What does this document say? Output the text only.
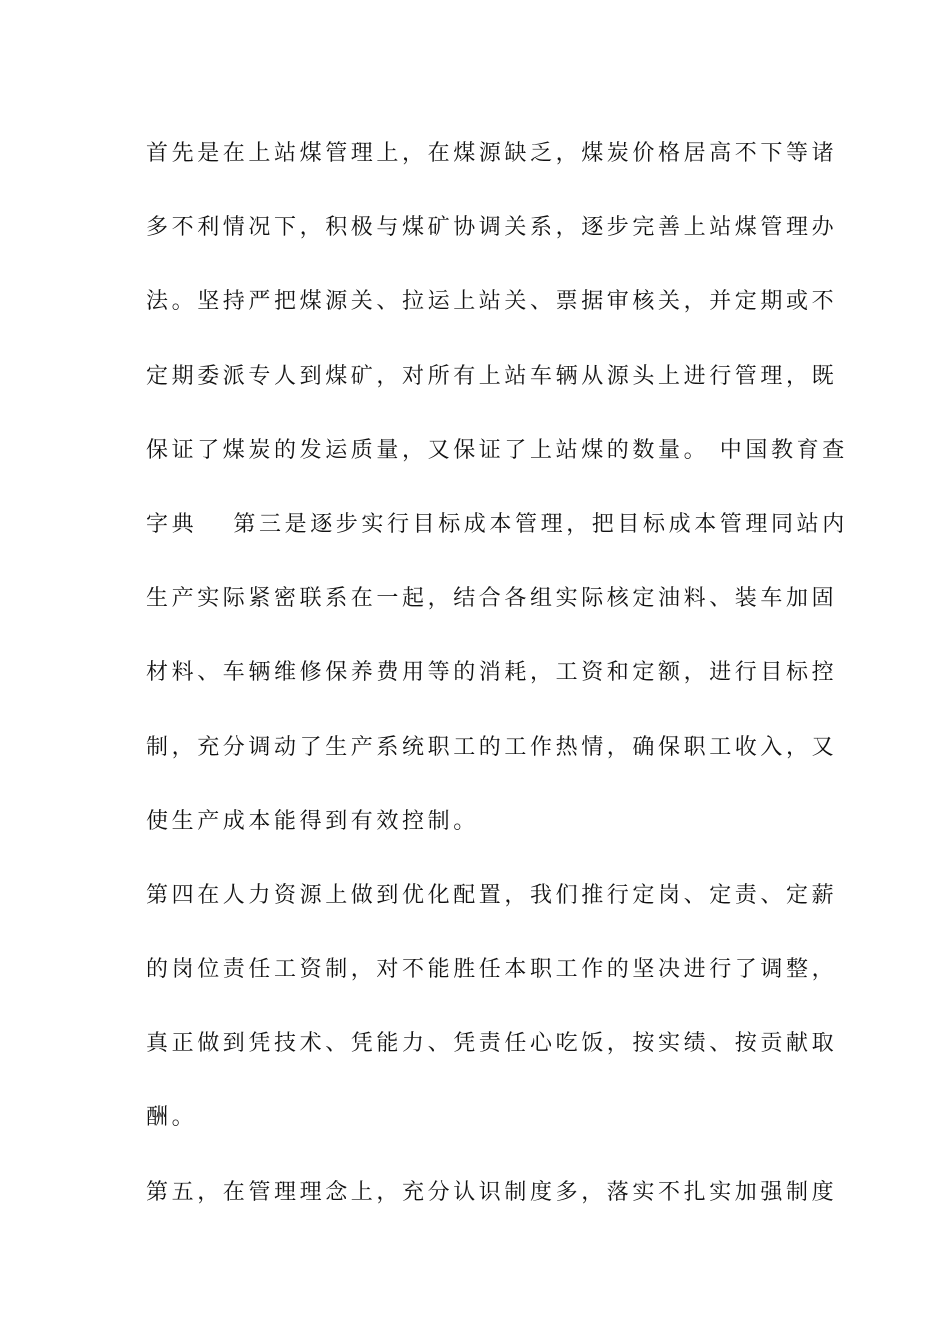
首先是在上站煤管理上，在煤源缺乏，煤炭价格居高不下等诸
多不利情况下，积极与煤矿协调关系，逐步完善上站煤管理办
法。坚持严把煤源关、拉运上站关、票据审核关，并定期或不
定期委派专人到煤矿，对所有上站车辆从源头上进行管理，既
保证了煤炭的发运质量，又保证了上站煤的数量。 中国教育查
字典　 第三是逐步实行目标成本管理，把目标成本管理同站内
生产实际紧密联系在一起，结合各组实际核定油料、装车加固
材料、车辆维修保养费用等的消耗，工资和定额，进行目标控
制，充分调动了生产系统职工的工作热情，确保职工收入，又
使生产成本能得到有效控制。
第四在人力资源上做到优化配置，我们推行定岗、定责、定薪
的岗位责任工资制，对不能胜任本职工作的坚决进行了调整，
真正做到凭技术、凭能力、凭责任心吃饭，按实绩、按贡献取
酬。
第五，在管理理念上，充分认识制度多，落实不扎实加强制度
